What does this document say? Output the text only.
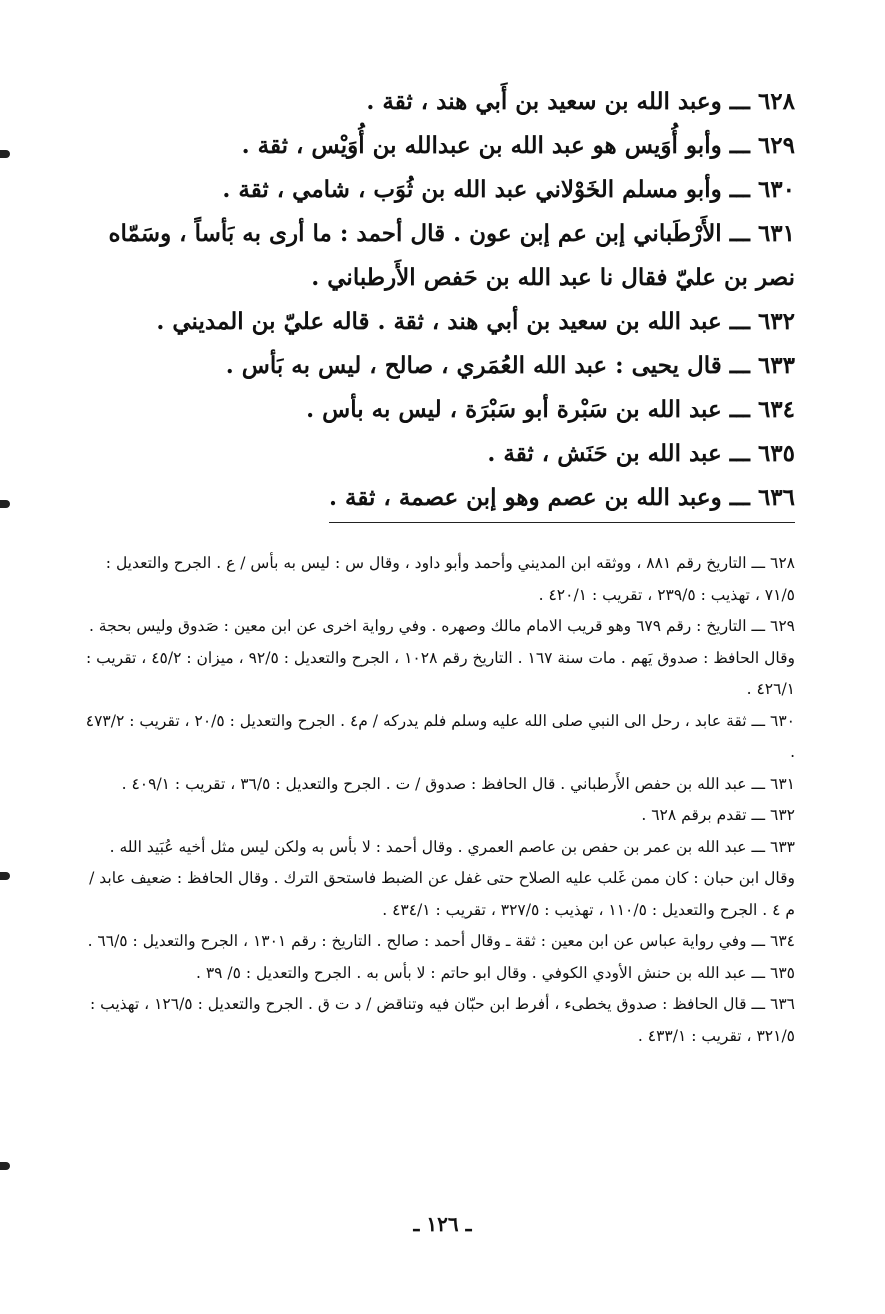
٦٢٨ ـــ وعبد الله بن سعيد بن أَبي هند ، ثقة .

٦٢٩ ـــ وأبو أُوَيس هو عبد الله بن عبدالله بن أُوَيْس ، ثقة .

٦٣٠ ـــ وأبو مسلم الخَوْلاني عبد الله بن ثُوَب ، شامي ، ثقة .

٦٣١ ـــ الأَرْطَباني إبن عم إبن عون . قال أحمد : ما أرى به بَأساً ، وسَمّاه نصر بن عليّ فقال نا عبد الله بن حَفص الأَرطباني .

٦٣٢ ـــ عبد الله بن سعيد بن أبي هند ، ثقة . قاله عليّ بن المديني .

٦٣٣ ـــ قال يحيى : عبد الله العُمَري ، صالح ، ليس به بَأس .

٦٣٤ ـــ عبد الله بن سَبْرة أبو سَبْرَة ، ليس به بأس .

٦٣٥ ـــ عبد الله بن حَنَش ، ثقة .

٦٣٦ ـــ وعبد الله بن عصم وهو إبن عصمة ، ثقة .

٦٢٨ ـــ التاريخ رقم ٨٨١ ، ووثقه ابن المديني وأحمد وأبو داود ، وقال س : ليس به بأس / ع . الجرح والتعديل : ٧١/٥ ، تهذيب : ٢٣٩/٥ ، تقريب : ٤٢٠/١ .

٦٢٩ ـــ التاريخ : رقم ٦٧٩ وهو قريب الامام مالك وصهره . وفي رواية اخرى عن ابن معين : صَدوق وليس بحجة . وقال الحافظ : صدوق يَهم . مات سنة ١٦٧ . التاريخ رقم ١٠٢٨ ، الجرح والتعديل : ٩٢/٥ ، ميزان : ٤٥/٢ ، تقريب : ٤٢٦/١ .

٦٣٠ ـــ ثقة عابد ، رحل الى النبي صلى الله عليه وسلم فلم يدركه / م٤ . الجرح والتعديل : ٢٠/٥ ، تقريب : ٤٧٣/٢ .

٦٣١ ـــ عبد الله بن حفص الأَرطباني . قال الحافظ : صدوق / ت . الجرح والتعديل : ٣٦/٥ ، تقريب : ٤٠٩/١ .

٦٣٢ ـــ تقدم برقم ٦٢٨ .

٦٣٣ ـــ عبد الله بن عمر بن حفص بن عاصم العمري . وقال أحمد : لا بأس به ولكن ليس مثل أخيه عُبَيد الله . وقال ابن حبان : كان ممن غَلب عليه الصلاح حتى غفل عن الضبط فاستحق الترك . وقال الحافظ : ضعيف عابد /م ٤ . الجرح والتعديل : ١١٠/٥ ، تهذيب : ٣٢٧/٥ ، تقريب : ٤٣٤/١ .

٦٣٤ ـــ وفي رواية عباس عن ابن معين : ثقة ـ وقال أحمد : صالح . التاريخ : رقم ١٣٠١ ، الجرح والتعديل : ٦٦/٥ .

٦٣٥ ـــ عبد الله بن حنش الأودي الكوفي . وقال ابو حاتم : لا بأس به . الجرح والتعديل : ٥/ ٣٩ .

٦٣٦ ـــ قال الحافظ : صدوق يخطىء ، أفرط ابن حبّان فيه وتناقض / د ت ق . الجرح والتعديل : ١٢٦/٥ ، تهذيب : ٣٢١/٥ ، تقريب : ٤٣٣/١ .

ـ ١٢٦ ـ
